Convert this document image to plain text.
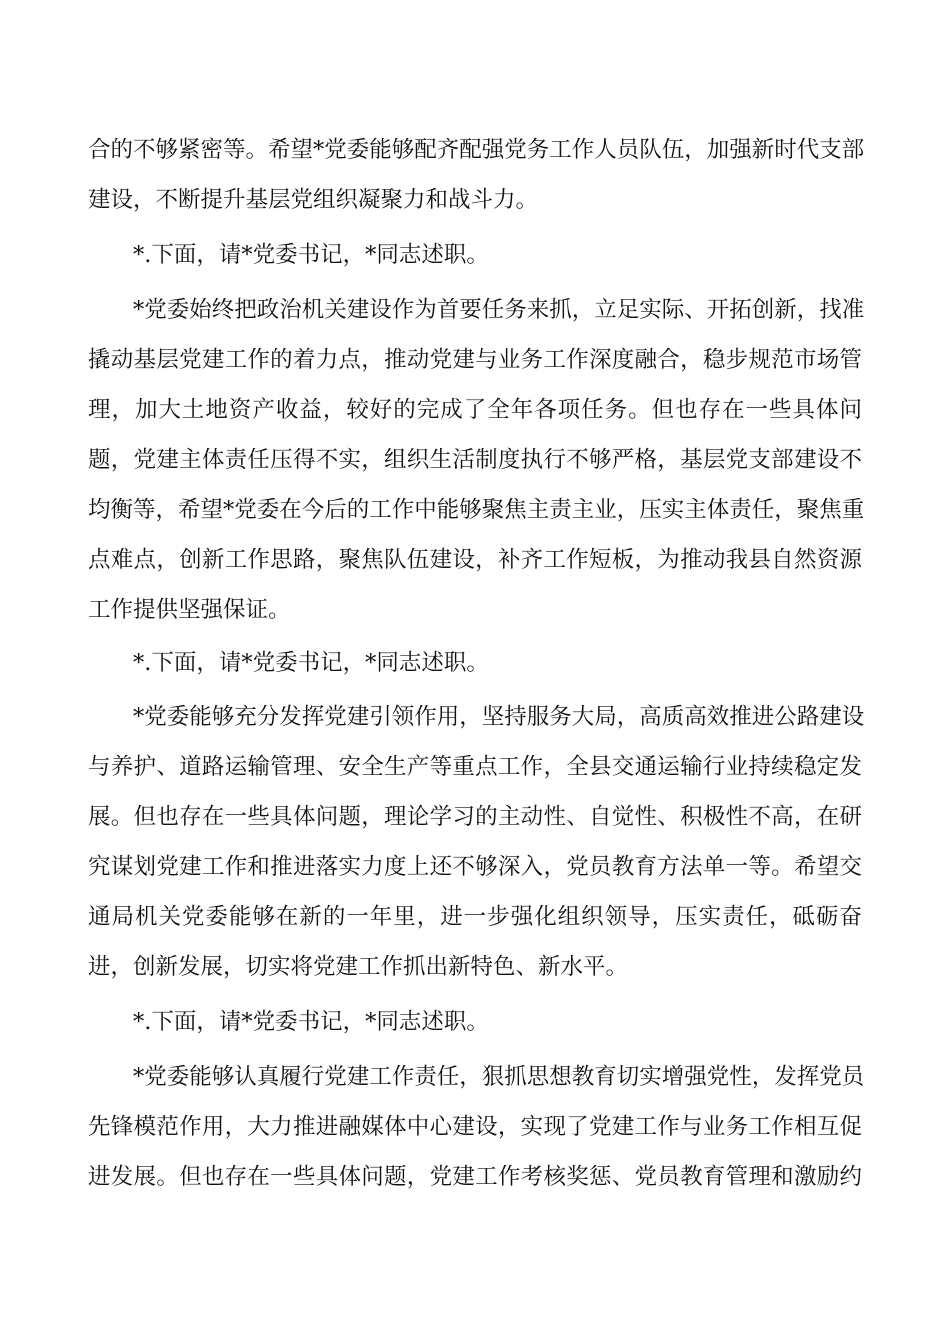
合的不够紧密等。希望*党委能够配齐配强党务工作人员队伍，加强新时代支部
建设，不断提升基层党组织凝聚力和战斗力。
*.下面，请*党委书记，*同志述职。
*党委始终把政治机关建设作为首要任务来抓，立足实际、开拓创新，找准
撬动基层党建工作的着力点，推动党建与业务工作深度融合，稳步规范市场管
理，加大土地资产收益，较好的完成了全年各项任务。但也存在一些具体问
题，党建主体责任压得不实，组织生活制度执行不够严格，基层党支部建设不
均衡等，希望*党委在今后的工作中能够聚焦主责主业，压实主体责任，聚焦重
点难点，创新工作思路，聚焦队伍建设，补齐工作短板，为推动我县自然资源
工作提供坚强保证。
*.下面，请*党委书记，*同志述职。
*党委能够充分发挥党建引领作用，坚持服务大局，高质高效推进公路建设
与养护、道路运输管理、安全生产等重点工作，全县交通运输行业持续稳定发
展。但也存在一些具体问题，理论学习的主动性、自觉性、积极性不高，在研
究谋划党建工作和推进落实力度上还不够深入，党员教育方法单一等。希望交
通局机关党委能够在新的一年里，进一步强化组织领导，压实责任，砥砺奋
进，创新发展，切实将党建工作抓出新特色、新水平。
*.下面，请*党委书记，*同志述职。
*党委能够认真履行党建工作责任，狠抓思想教育切实增强党性，发挥党员
先锋模范作用，大力推进融媒体中心建设，实现了党建工作与业务工作相互促
进发展。但也存在一些具体问题，党建工作考核奖惩、党员教育管理和激励约
